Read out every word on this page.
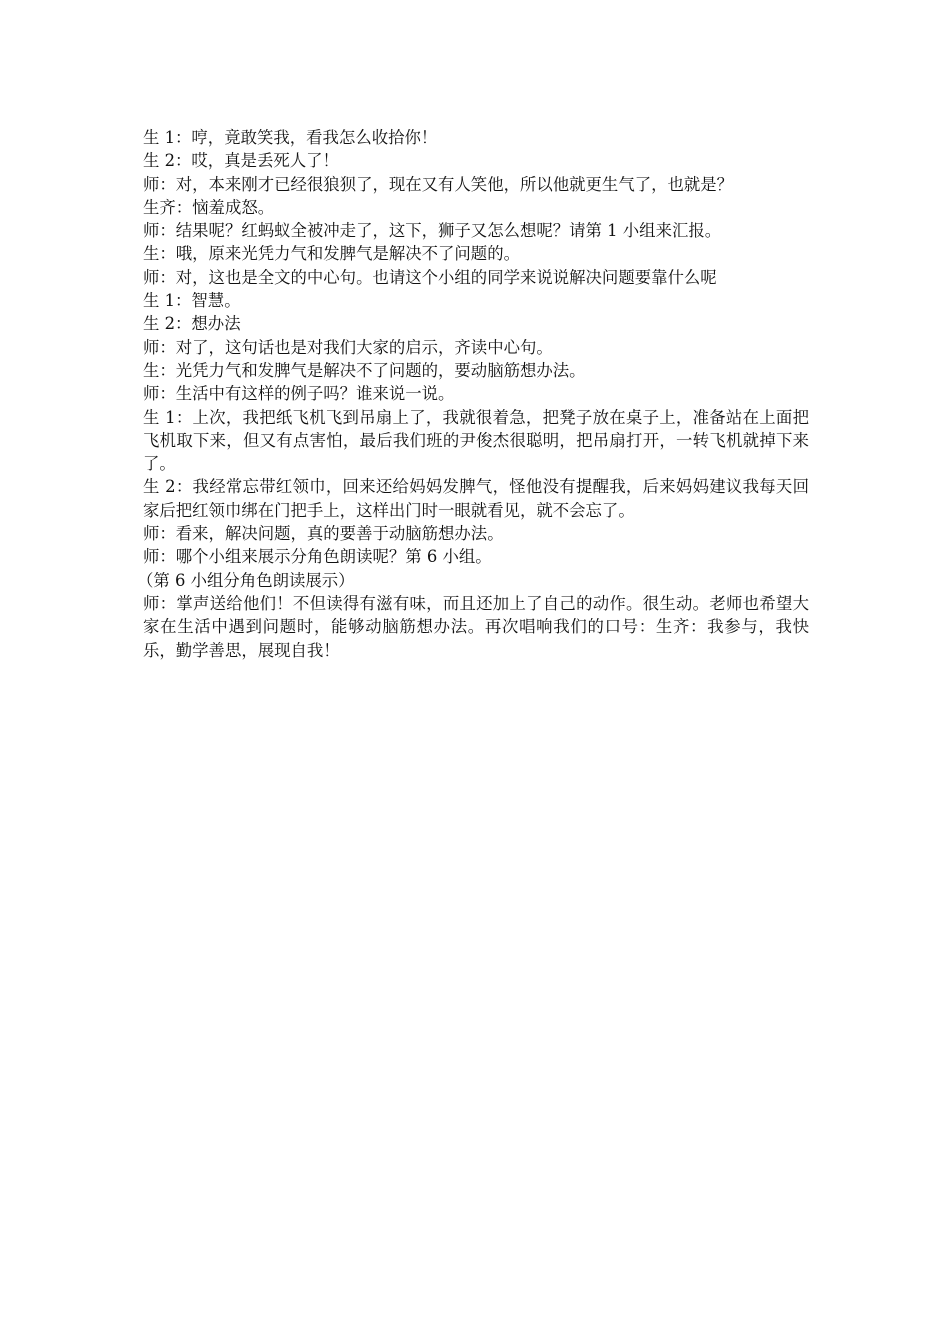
生 1：哼，竟敢笑我，看我怎么收拾你！

生 2：哎，真是丢死人了！

师：对，本来刚才已经很狼狈了，现在又有人笑他，所以他就更生气了，也就是？

生齐：恼羞成怒。

师：结果呢？红蚂蚁全被冲走了，这下，狮子又怎么想呢？请第 1 小组来汇报。

生：哦，原来光凭力气和发脾气是解决不了问题的。

师：对，这也是全文的中心句。也请这个小组的同学来说说解决问题要靠什么呢

生 1：智慧。

生 2：想办法

师：对了，这句话也是对我们大家的启示，齐读中心句。

生：光凭力气和发脾气是解决不了问题的，要动脑筋想办法。

师：生活中有这样的例子吗？谁来说一说。

生 1：上次，我把纸飞机飞到吊扇上了，我就很着急，把凳子放在桌子上，准备站在上面把飞机取下来，但又有点害怕，最后我们班的尹俊杰很聪明，把吊扇打开，一转飞机就掉下来了。

生 2：我经常忘带红领巾，回来还给妈妈发脾气，怪他没有提醒我，后来妈妈建议我每天回家后把红领巾绑在门把手上，这样出门时一眼就看见，就不会忘了。

师：看来，解决问题，真的要善于动脑筋想办法。

师：哪个小组来展示分角色朗读呢？第 6 小组。

（第 6 小组分角色朗读展示）

师：掌声送给他们！不但读得有滋有味，而且还加上了自己的动作。很生动。老师也希望大家在生活中遇到问题时，能够动脑筋想办法。再次唱响我们的口号：生齐：我参与，我快乐，勤学善思，展现自我！
